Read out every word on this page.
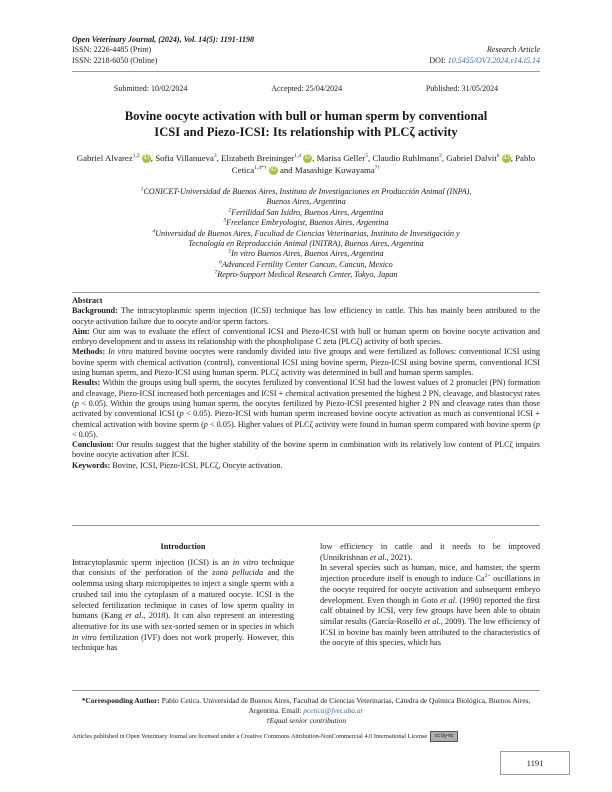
Open Veterinary Journal, (2024), Vol. 14(5): 1191-1198
ISSN: 2226-4485 (Print)
ISSN: 2218-6050 (Online)
Research Article
DOI: 10.5455/OVJ.2024.v14.i5.14
Submitted: 10/02/2024	Accepted: 25/04/2024	Published: 31/05/2024
Bovine oocyte activation with bull or human sperm by conventional
ICSI and Piezo-ICSI: Its relationship with PLCζ activity
Gabriel Alvarez$^{1,2}$ iD , Sofia Villanueva$^3$, Elizabeth Breininger$^{1,4}$ iD , Marisa Geller$^5$, Claudio Ruhlmann$^2$, Gabriel Dalvit$^6$ iD , Pablo Cetica$^{1,4*\dagger}$ iD and Masashige Kuwayama$^{7\dagger}$
$^1$CONICET-Universidad de Buenos Aires, Instituto de Investigaciones en Producción Animal (INPA),
Buenos Aires, Argentina
$^2$Fertilidad San Isidro, Buenos Aires, Argentina
$^3$Freelance Embryologist, Buenos Aires, Argentina
$^4$Universidad de Buenos Aires, Facultad de Ciencias Veterinarias, Instituto de Investigación y
Tecnología en Reproducción Animal (INITRA), Buenos Aires, Argentina
$^5$In vitro Buenos Aires, Buenos Aires, Argentina
$^6$Advanced Fertility Center Cancun, Cancun, Mexico
$^7$Repro-Support Medical Research Center, Tokyo, Japan

Abstract

Background: The intracytoplasmic sperm injection (ICSI) technique has low efficiency in cattle. This has mainly been attributed to the oocyte activation failure due to oocyte and/or sperm factors.

Aim: Our aim was to evaluate the effect of conventional ICSI and Piezo-ICSI with bull or human sperm on bovine oocyte activation and embryo development and to assess its relationship with the phospholipase C zeta (PLCζ) activity of both species.

Methods: In vitro matured bovine oocytes were randomly divided into five groups and were fertilized as follows: conventional ICSI using bovine sperm with chemical activation (control), conventional ICSI using bovine sperm, Piezo-ICSI using bovine sperm, conventional ICSI using human sperm, and Piezo-ICSI using human sperm. PLCζ activity was determined in bull and human sperm samples.

Results: Within the groups using bull sperm, the oocytes fertilized by conventional ICSI had the lowest values of 2 pronuclei (PN) formation and cleavage, Piezo-ICSI increased both percentages and ICSI + chemical activation presented the highest 2 PN, cleavage, and blastocyst rates (p < 0.05). Within the groups using human sperm, the oocytes fertilized by Piezo-ICSI presented higher 2 PN and cleavage rates than those activated by conventional ICSI (p < 0.05). Piezo-ICSI with human sperm increased bovine oocyte activation as much as conventional ICSI + chemical activation with bovine sperm (p < 0.05). Higher values of PLCζ activity were found in human sperm compared with bovine sperm (p < 0.05).

Conclusion: Our results suggest that the higher stability of the bovine sperm in combination with its relatively low content of PLCζ impairs bovine oocyte activation after ICSI.

Keywords: Bovine, ICSI, Piezo-ICSI, PLCζ, Oocyte activation.

Introduction

Intracytoplasmic sperm injection (ICSI) is an in vitro technique that consists of the perforation of the zona pellucida and the oolemma using sharp micropipettes to inject a single sperm with a crushed tail into the cytoplasm of a matured oocyte. ICSI is the selected fertilization technique in cases of low sperm quality in humans (Kang et al., 2018). It can also represent an interesting alternative for its use with sex-sorted semen or in species in which in vitro fertilization (IVF) does not work properly. However, this technique has

low efficiency in cattle and it needs to be improved (Unnikrishnan et al., 2021).

In several species such as human, mice, and hamster, the sperm injection procedure itself is enough to induce $Ca^{2+}$ oscillations in the oocyte required for oocyte activation and subsequent embryo development. Even though in Goto et al. (1990) reported the first calf obtained by ICSI, very few groups have been able to obtain similar results (García-Roselló et al., 2009). The low efficiency of ICSI in bovine has mainly been attributed to the characteristics of the oocyte of this species, which has

*Corresponding Author: Pablo Cetica. Universidad de Buenos Aires, Facultad de Ciencias Veterinarias, Cátedra de Química Biológica, Buenos Aires, Argentina. Email: pcetica@fvet.uba.ar
†Equal senior contribution
Articles published in Open Veterinary Journal are licensed under a Creative Commons Attribution-NonCommercial 4.0 International License cc by-nc
1191
